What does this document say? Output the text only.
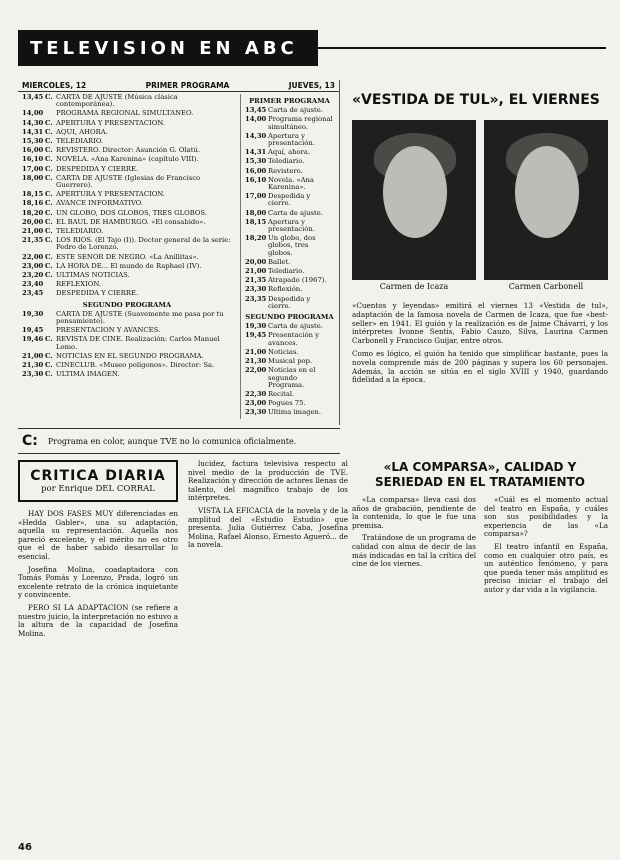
TELEVISION EN ABC
MIERCOLES, 12	PRIMER PROGRAMA	JUEVES, 13
13,45 C. CARTA DE AJUSTE (Música clásica contemporánea).
14,00 PROGRAMA REGIONAL SIMULTANEO.
14,30 C. APERTURA Y PRESENTACION.
14,31 C. AQUI, AHORA.
15,30 C. TELEDIARIO.
16,00 C. REVISTERO. Director: Asunción G. Olatú.
16,10 C. NOVELA. «Ana Karenina» (capítulo VIII).
17,00 C. DESPEDIDA Y CIERRE.
18,00 C. CARTA DE AJUSTE (Iglesias de Francisco Guerrero).
18,15 C. APERTURA Y PRESENTACION.
18,16 C. AVANCE INFORMATIVO.
18,20 C. UN GLOBO, DOS GLOBOS, TRES GLOBOS.
20,00 C. EL BAUL DE HAMBURGO. «El consabido».
21,00 C. TELEDIARIO.
21,35 C. LOS RIOS. (El Tajo (I)). Doctor general de la serie: Pedro de Lorenzo.
22,00 C. ESTE SENOR DE NEGRO. «La Anillitas».
23,00 C. LA HORA DE... El mundo de Raphael (IV).
23,20 C. ULTIMAS NOTICIAS.
23,40 REFLEXION.
23,45 DESPEDIDA Y CIERRE.
SEGUNDO PROGRAMA
19,30 CARTA DE AJUSTE (Suavemente me pasa por tu pensamiento).
19,45 PRESENTACION Y AVANCES.
19,46 C. REVISTA DE CINE. Realización: Carlos Manuel Lomo.
21,00 C. NOTICIAS EN EL SEGUNDO PROGRAMA.
21,30 C. CINECLUB. «Museo polígonos». Director: Sa.
23,30 C. ULTIMA IMAGEN.
PRIMER PROGRAMA
13,45 Carta de ajuste.
14,00 Programa regional simultáneo.
14,30 Apertura y presentación.
14,31 Aquí, ahora.
15,30 Telediario.
16,00 Revistero.
16,10 Novela. «Ana Karenina».
17,00 Despedida y cierre.
18,00 Carta de ajuste.
18,15 Apertura y presentación.
18,20 Un globo, dos globos, tres globos.
20,00 Ballet.
21,00 Telediario.
21,35 Atrapado (1967).
23,30 Reflexión.
23,35 Despedida y cierre.
SEGUNDO PROGRAMA
19,30 Carta de ajuste.
19,45 Presentación y avances.
21,00 Noticias.
21,30 Musical pop.
22,00 Noticias en el segundo Programa.
22,30 Recital.
23,00 Pogues 75.
23,30 Ultima imagen.
C: Programa en color, aunque TVE no lo comunica oficialmente.
«VESTIDA DE TUL», EL VIERNES
Carmen de Icaza	Carmen Carbonell

«Cuentos y leyendas» emitirá el viernes 13 «Vestida de tul», adaptación de la famosa novela de Carmen de Icaza, que fue «best-seller» en 1941. El guión y la realización es de Jaime Chávarri, y los intérpretes Ivonne Sentis, Fabio Cauzo, Silva, Laurina Carmen Carbonell y Francisco Guijar, entre otros.

Como es lógico, el guión ha tenido que simplificar bastante, pues la novela comprende más de 200 páginas y supera los 60 personajes. Además, la acción se sitúa en el siglo XVIII y 1940, guardando fidelidad a la época.

CRITICA DIARIA
por Enrique DEL CORRAL

HAY DOS FASES MUY diferenciadas en «Hedda Gabler», una su adaptación, aquella su representación. Aquella nos pareció excelente, y el mérito no es otro que el de haber sabido desarrollar lo esencial.

Josefina Molina, coadaptadora con Tomás Pomás y Lorenzo, Prada, logró un excelente retrato de la crónica inquietante y convincente.

PERO SI LA ADAPTACION (se refiere a nuestro juicio, la interpretación no estuvo a la altura de la capacidad de Josefina Molina.

lucidez, factura televisiva respecto al nivel medio de la producción de TVE. Realización y dirección de actores llenas de talento, del magnífico trabajo de los intérpretes.

VISTA LA EFICACIA de la novela y de la amplitud del «Estudio Estudio» que presenta. Julia Gutiérrez Caba, Josefina Molina, Rafael Alonso, Ernesto Agueró... de la novela.

«LA COMPARSA», CALIDAD Y SERIEDAD EN EL TRATAMIENTO

«La comparsa» lleva casi dos años de grabación, pendiente de la contenida, lo que le fue una premisa.

Tratándose de un programa de calidad con alma de decir de las más indicadas en tal la crítica del cine de los viernes.

«Cuál es el momento actual del teatro en España, y cuáles son sus posibilidades y la experiencia de las «La comparsa»?

El teatro infantil en España, como en cualquier otro país, es un auténtico fenómeno, y para que pueda tener más amplitud es preciso iniciar el trabajo del autor y dar vida a la vigilancia.

46
